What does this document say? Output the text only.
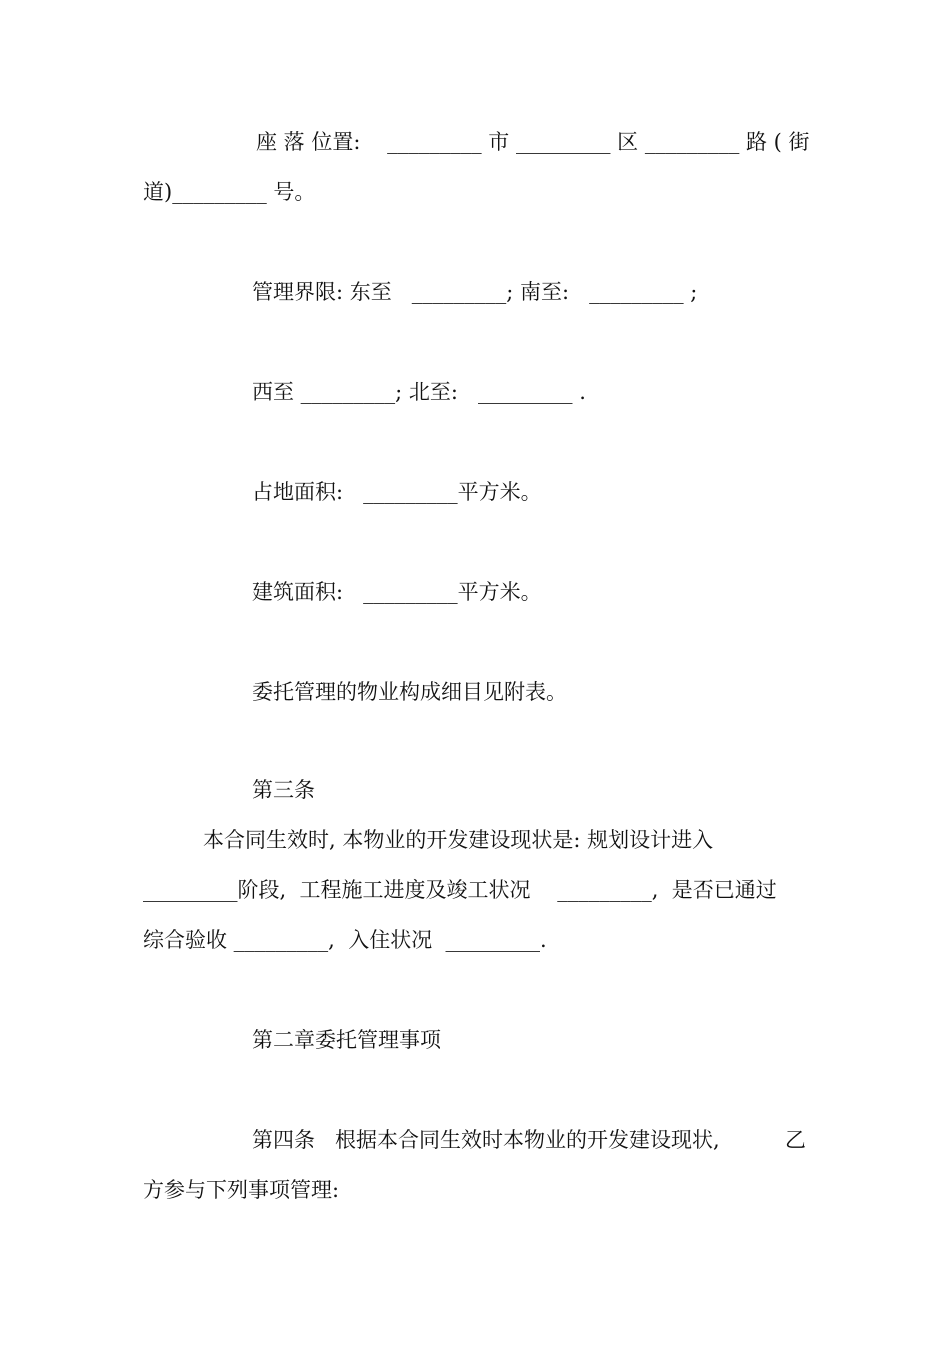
座 落 位置:    _________ 市 _________ 区 _________ 路 ( 街
道)_________ 号。
管理界限: 东至   _________; 南至:   _________ ;
西至 _________; 北至:   _________ .
占地面积:   _________平方米。
建筑面积:   _________平方米。
委托管理的物业构成细目见附表。
第三条
本合同生效时, 本物业的开发建设现状是: 规划设计进入
_________阶段,  工程施工进度及竣工状况    _________,  是否已通过
综合验收 _________,  入住状况  _________.
第二章委托管理事项
第四条   根据本合同生效时本物业的开发建设现状,	乙
方参与下列事项管理:
